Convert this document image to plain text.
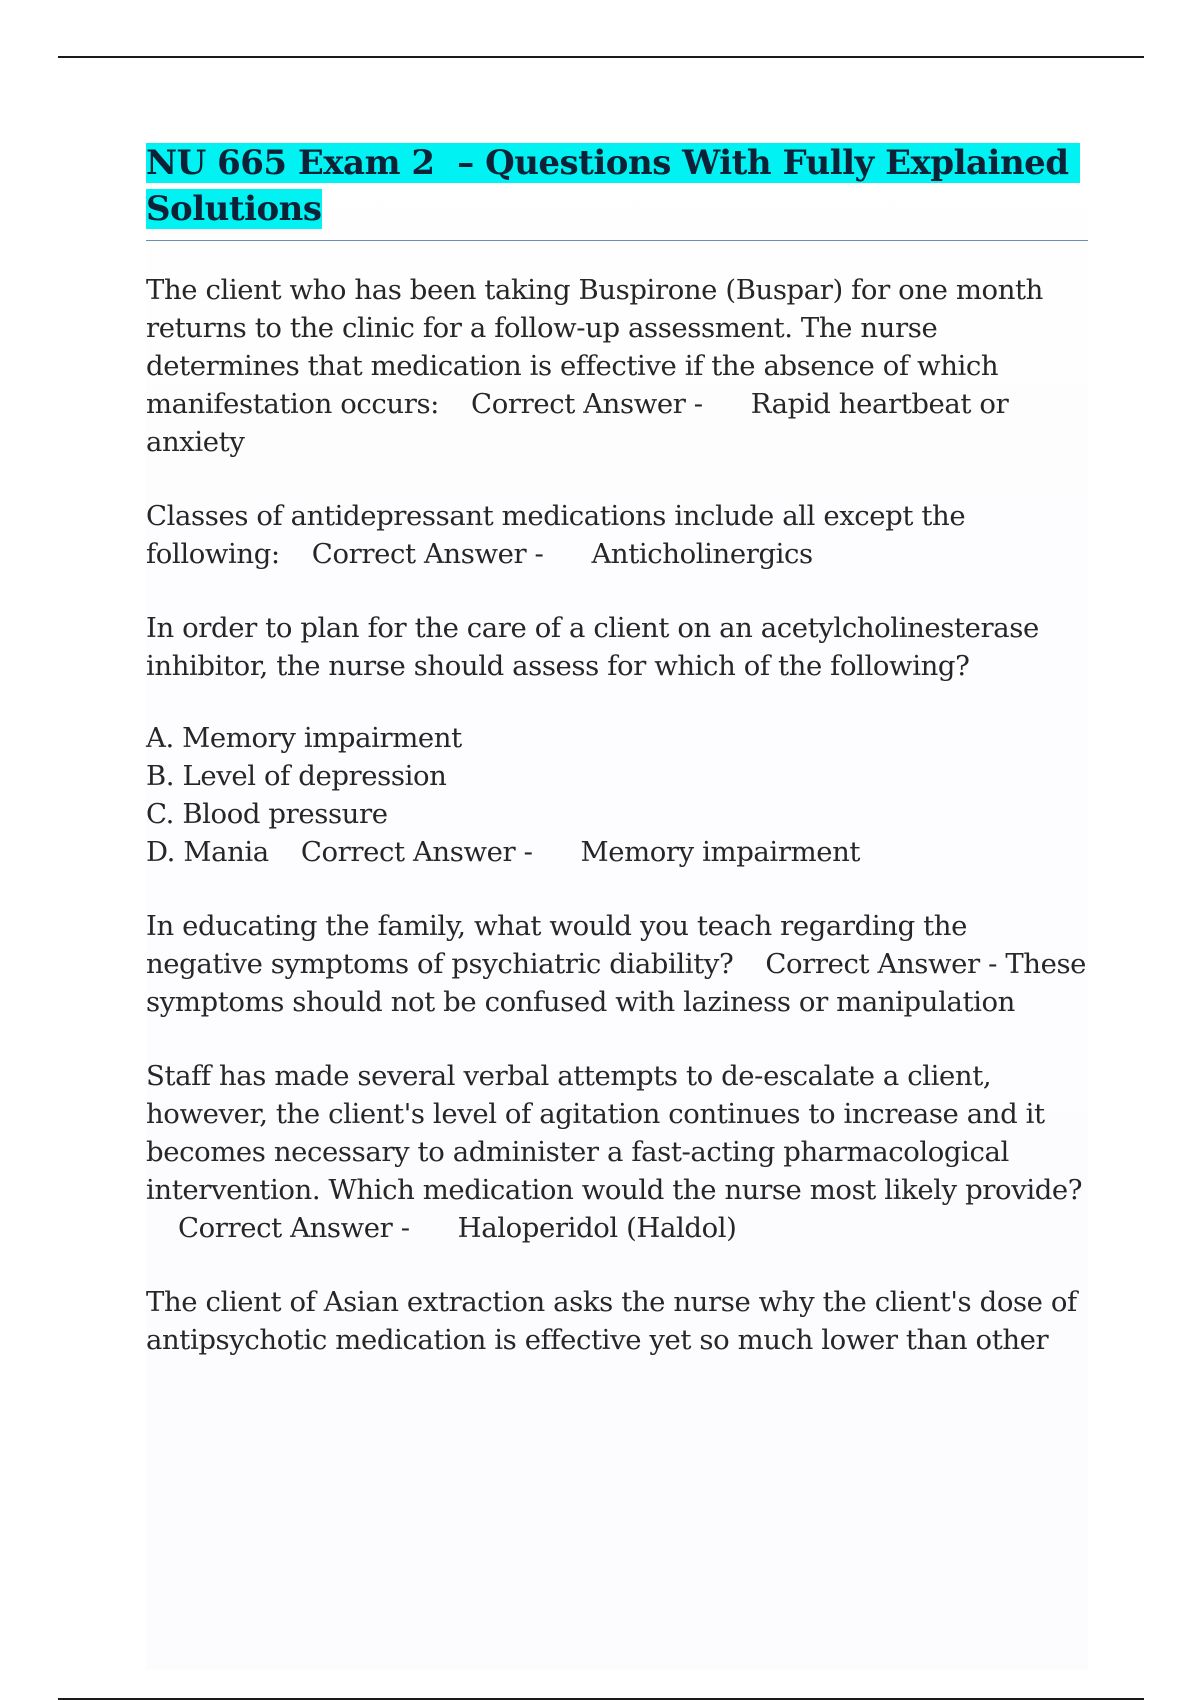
NU 665 Exam 2  – Questions With Fully Explained Solutions

The client who has been taking Buspirone (Buspar) for one month returns to the clinic for a follow-up assessment. The nurse determines that medication is effective if the absence of which manifestation occurs: Correct Answer - Rapid heartbeat or anxiety

Classes of antidepressant medications include all except the following: Correct Answer - Anticholinergics

In order to plan for the care of a client on an acetylcholinesterase inhibitor, the nurse should assess for which of the following?

A. Memory impairment
B. Level of depression
C. Blood pressure
D. Mania Correct Answer - Memory impairment

In educating the family, what would you teach regarding the negative symptoms of psychiatric diability? Correct Answer - These symptoms should not be confused with laziness or manipulation

Staff has made several verbal attempts to de-escalate a client, however, the client's level of agitation continues to increase and it becomes necessary to administer a fast-acting pharmacological intervention. Which medication would the nurse most likely provide?Correct Answer - Haloperidol (Haldol)

The client of Asian extraction asks the nurse why the client's dose of antipsychotic medication is effective yet so much lower than other
